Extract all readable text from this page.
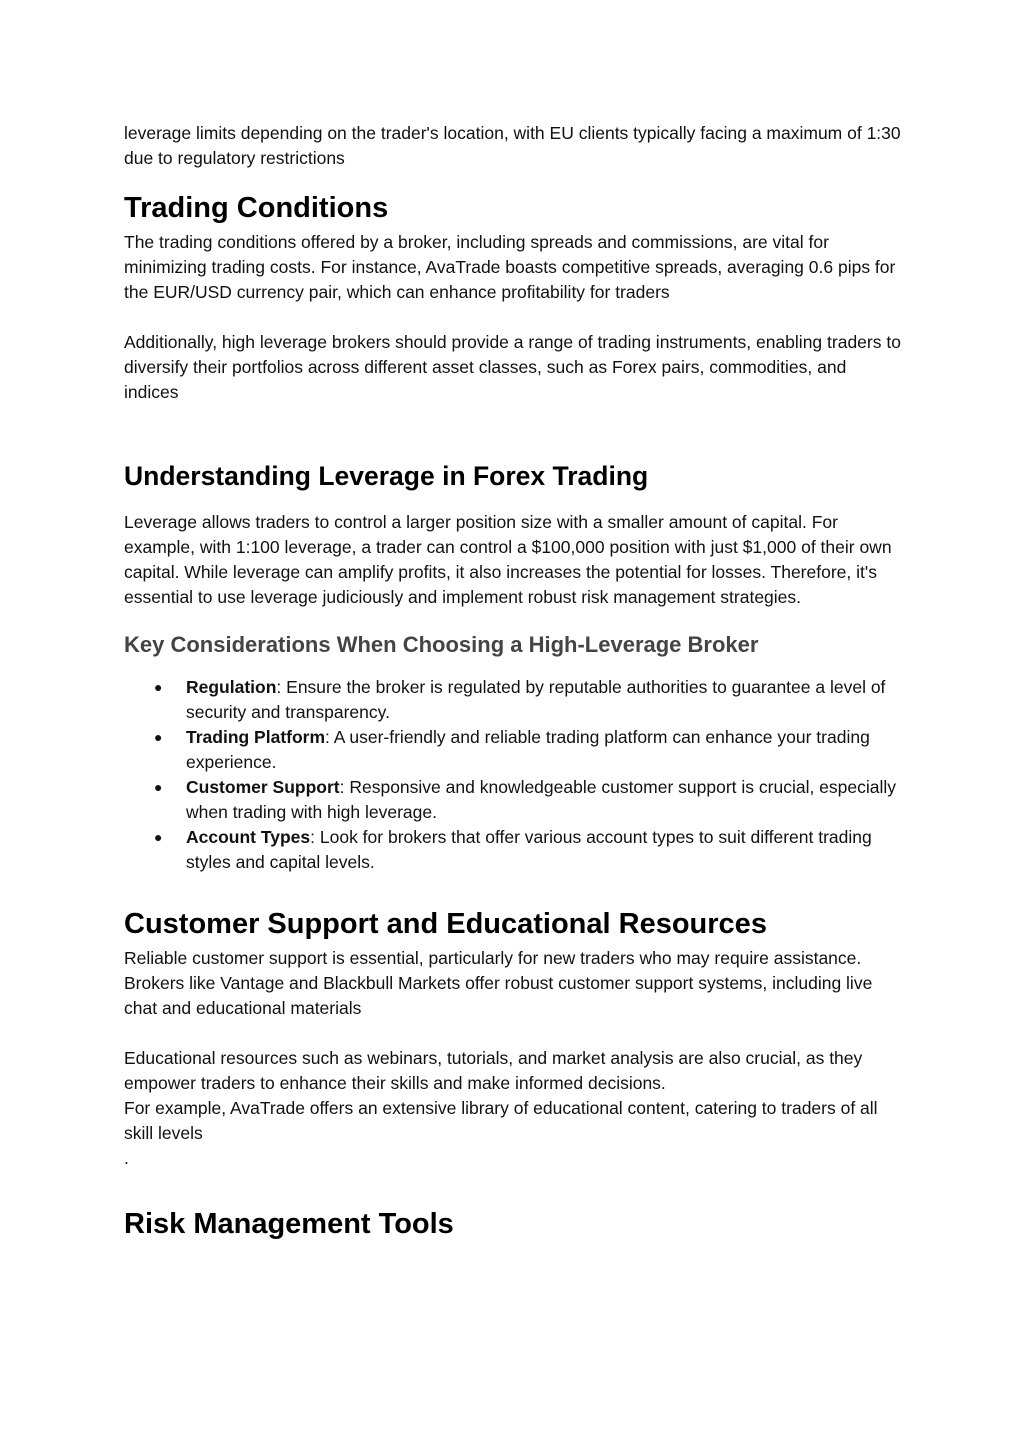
leverage limits depending on the trader's location, with EU clients typically facing a maximum of 1:30 due to regulatory restrictions

Trading Conditions

The trading conditions offered by a broker, including spreads and commissions, are vital for minimizing trading costs. For instance, AvaTrade boasts competitive spreads, averaging 0.6 pips for the EUR/USD currency pair, which can enhance profitability for traders

Additionally, high leverage brokers should provide a range of trading instruments, enabling traders to diversify their portfolios across different asset classes, such as Forex pairs, commodities, and indices

Understanding Leverage in Forex Trading

Leverage allows traders to control a larger position size with a smaller amount of capital. For example, with 1:100 leverage, a trader can control a $100,000 position with just $1,000 of their own capital. While leverage can amplify profits, it also increases the potential for losses. Therefore, it's essential to use leverage judiciously and implement robust risk management strategies.

Key Considerations When Choosing a High-Leverage Broker
● Regulation: Ensure the broker is regulated by reputable authorities to guarantee a level of security and transparency.
● Trading Platform: A user-friendly and reliable trading platform can enhance your trading experience.
● Customer Support: Responsive and knowledgeable customer support is crucial, especially when trading with high leverage.
● Account Types: Look for brokers that offer various account types to suit different trading styles and capital levels.
Customer Support and Educational Resources

Reliable customer support is essential, particularly for new traders who may require assistance. Brokers like Vantage and Blackbull Markets offer robust customer support systems, including live chat and educational materials

Educational resources such as webinars, tutorials, and market analysis are also crucial, as they empower traders to enhance their skills and make informed decisions.

For example, AvaTrade offers an extensive library of educational content, catering to traders of all skill levels

.

Risk Management Tools
